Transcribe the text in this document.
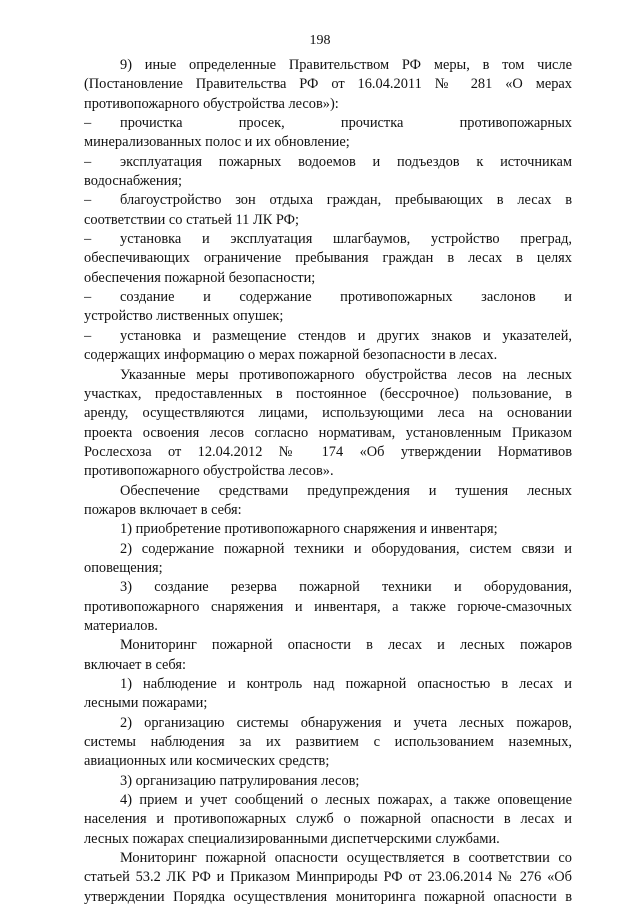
198
9) иные определенные Правительством РФ меры, в том числе
(Постановление Правительства РФ от 16.04.2011 № 281 «О мерах
противопожарного обустройства лесов»):
– прочистка просек, прочистка противопожарных
минерализованных полос и их обновление;
– эксплуатация пожарных водоемов и подъездов к источникам
водоснабжения;
– благоустройство зон отдыха граждан, пребывающих в лесах в
соответствии со статьей 11 ЛК РФ;
– установка и эксплуатация шлагбаумов, устройство преград,
обеспечивающих ограничение пребывания граждан в лесах в целях
обеспечения пожарной безопасности;
– создание и содержание противопожарных заслонов и
устройство лиственных опушек;
– установка и размещение стендов и других знаков и указателей,
содержащих информацию о мерах пожарной безопасности в лесах.
Указанные меры противопожарного обустройства лесов на лесных
участках, предоставленных в постоянное (бессрочное) пользование, в
аренду, осуществляются лицами, использующими леса на основании
проекта освоения лесов согласно нормативам, установленным Приказом
Рослесхоза от 12.04.2012 № 174 «Об утверждении Нормативов
противопожарного обустройства лесов».
Обеспечение средствами предупреждения и тушения лесных
пожаров включает в себя:
1) приобретение противопожарного снаряжения и инвентаря;
2) содержание пожарной техники и оборудования, систем связи и
оповещения;
3) создание резерва пожарной техники и оборудования,
противопожарного снаряжения и инвентаря, а также горюче-смазочных
материалов.
Мониторинг пожарной опасности в лесах и лесных пожаров
включает в себя:
1) наблюдение и контроль над пожарной опасностью в лесах и
лесными пожарами;
2) организацию системы обнаружения и учета лесных пожаров,
системы наблюдения за их развитием с использованием наземных,
авиационных или космических средств;
3) организацию патрулирования лесов;
4) прием и учет сообщений о лесных пожарах, а также оповещение
населения и противопожарных служб о пожарной опасности в лесах и
лесных пожарах специализированными диспетчерскими службами.
Мониторинг пожарной опасности осуществляется в соответствии со
статьей 53.2 ЛК РФ и Приказом Минприроды РФ от 23.06.2014 № 276 «Об
утверждении Порядка осуществления мониторинга пожарной опасности в
